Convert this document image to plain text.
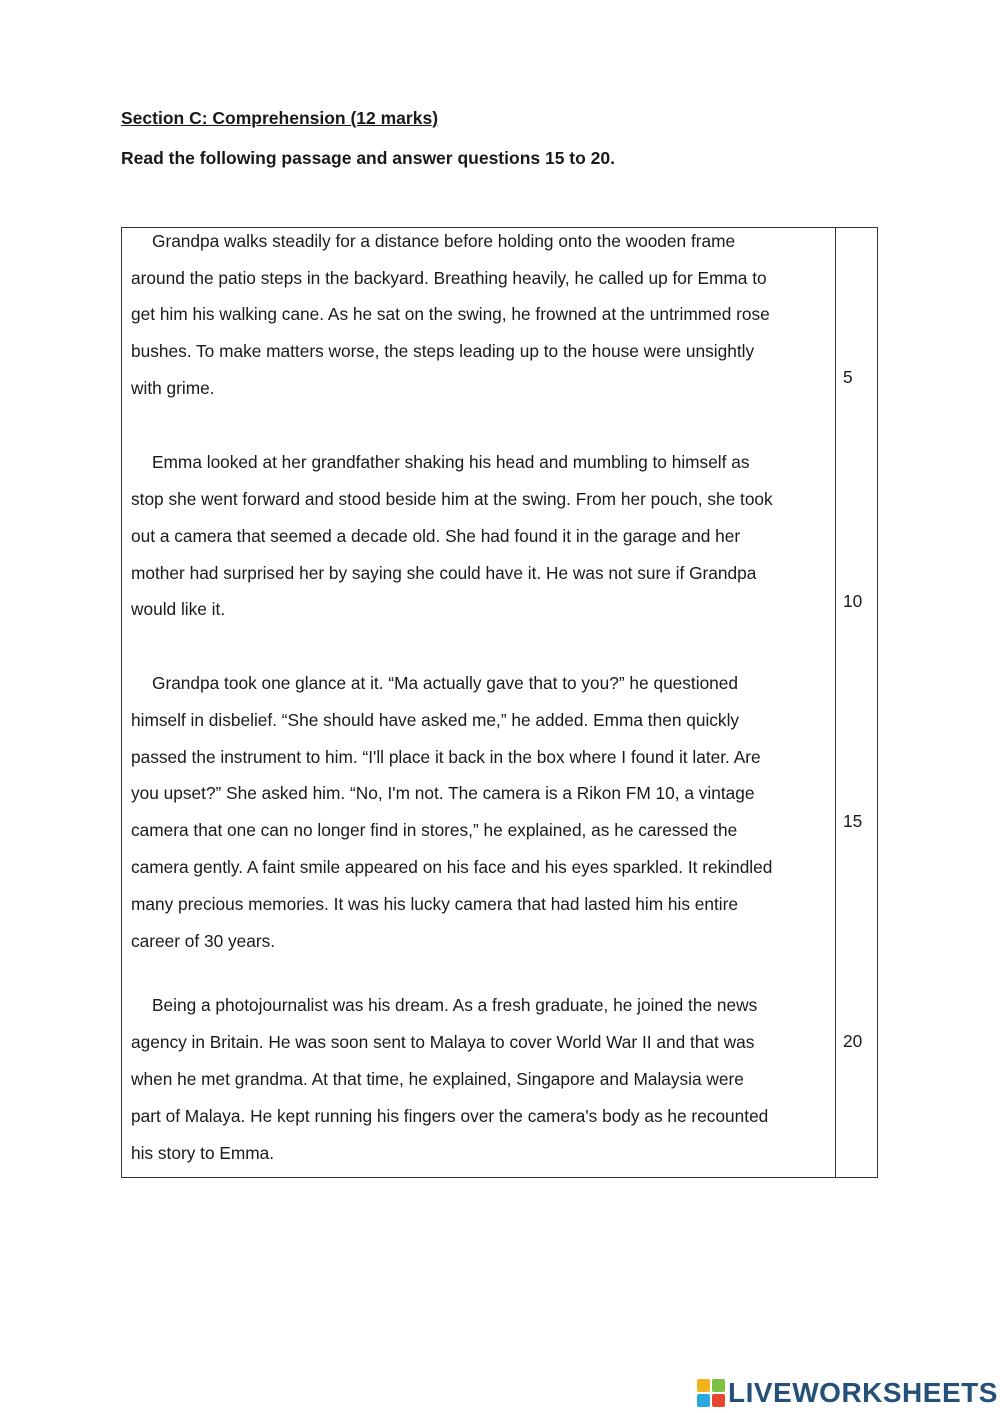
Section C: Comprehension (12 marks)
Read the following passage and answer questions 15 to 20.
Grandpa walks steadily for a distance before holding onto the wooden frame
around the patio steps in the backyard. Breathing heavily, he called up for Emma to
get him his walking cane. As he sat on the swing, he frowned at the untrimmed rose
bushes. To make matters worse, the steps leading up to the house were unsightly
with grime.
Emma looked at her grandfather shaking his head and mumbling to himself as
stop she went forward and stood beside him at the swing. From her pouch, she took
out a camera that seemed a decade old. She had found it in the garage and her
mother had surprised her by saying she could have it. He was not sure if Grandpa
would like it.
Grandpa took one glance at it. “Ma actually gave that to you?” he questioned
himself in disbelief. “She should have asked me,” he added. Emma then quickly
passed the instrument to him. “I'll place it back in the box where I found it later. Are
you upset?” She asked him. “No, I'm not. The camera is a Rikon FM 10, a vintage
camera that one can no longer find in stores,” he explained, as he caressed the
camera gently. A faint smile appeared on his face and his eyes sparkled. It rekindled
many precious memories. It was his lucky camera that had lasted him his entire
career of 30 years.
Being a photojournalist was his dream. As a fresh graduate, he joined the news
agency in Britain. He was soon sent to Malaya to cover World War II and that was
when he met grandma. At that time, he explained, Singapore and Malaysia were
part of Malaya. He kept running his fingers over the camera's body as he recounted
his story to Emma.
5
10
15
20
LIVEWORKSHEETS
